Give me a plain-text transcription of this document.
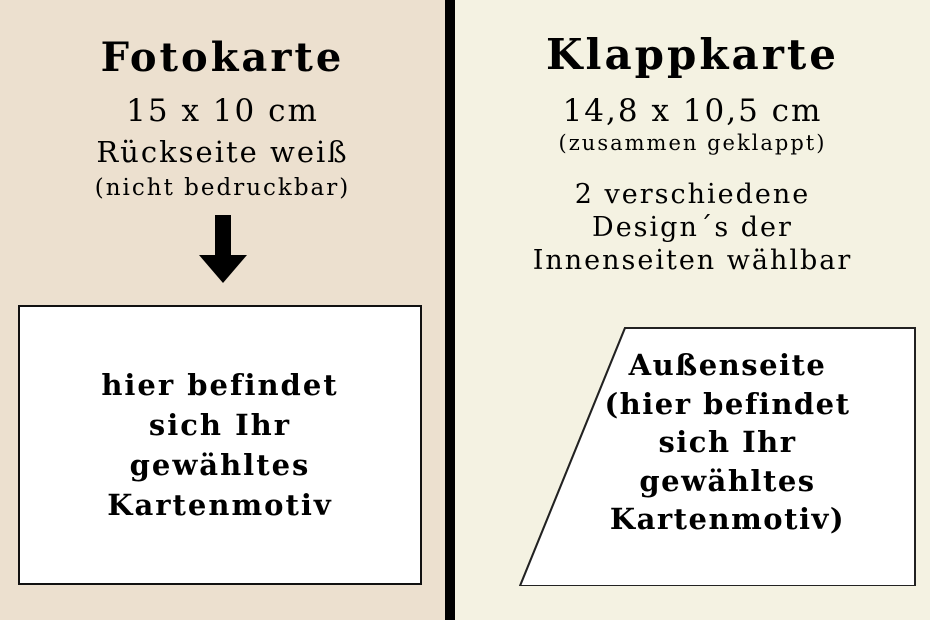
Fotokarte
15 x 10 cm
Rückseite weiß
(nicht bedruckbar)
hier befindet
sich Ihr
gewähltes
Kartenmotiv
Klappkarte
14,8 x 10,5 cm
(zusammen geklappt)
2 verschiedene
Design´s der
Innenseiten wählbar
Außenseite
(hier befindet
sich Ihr
gewähltes
Kartenmotiv)
